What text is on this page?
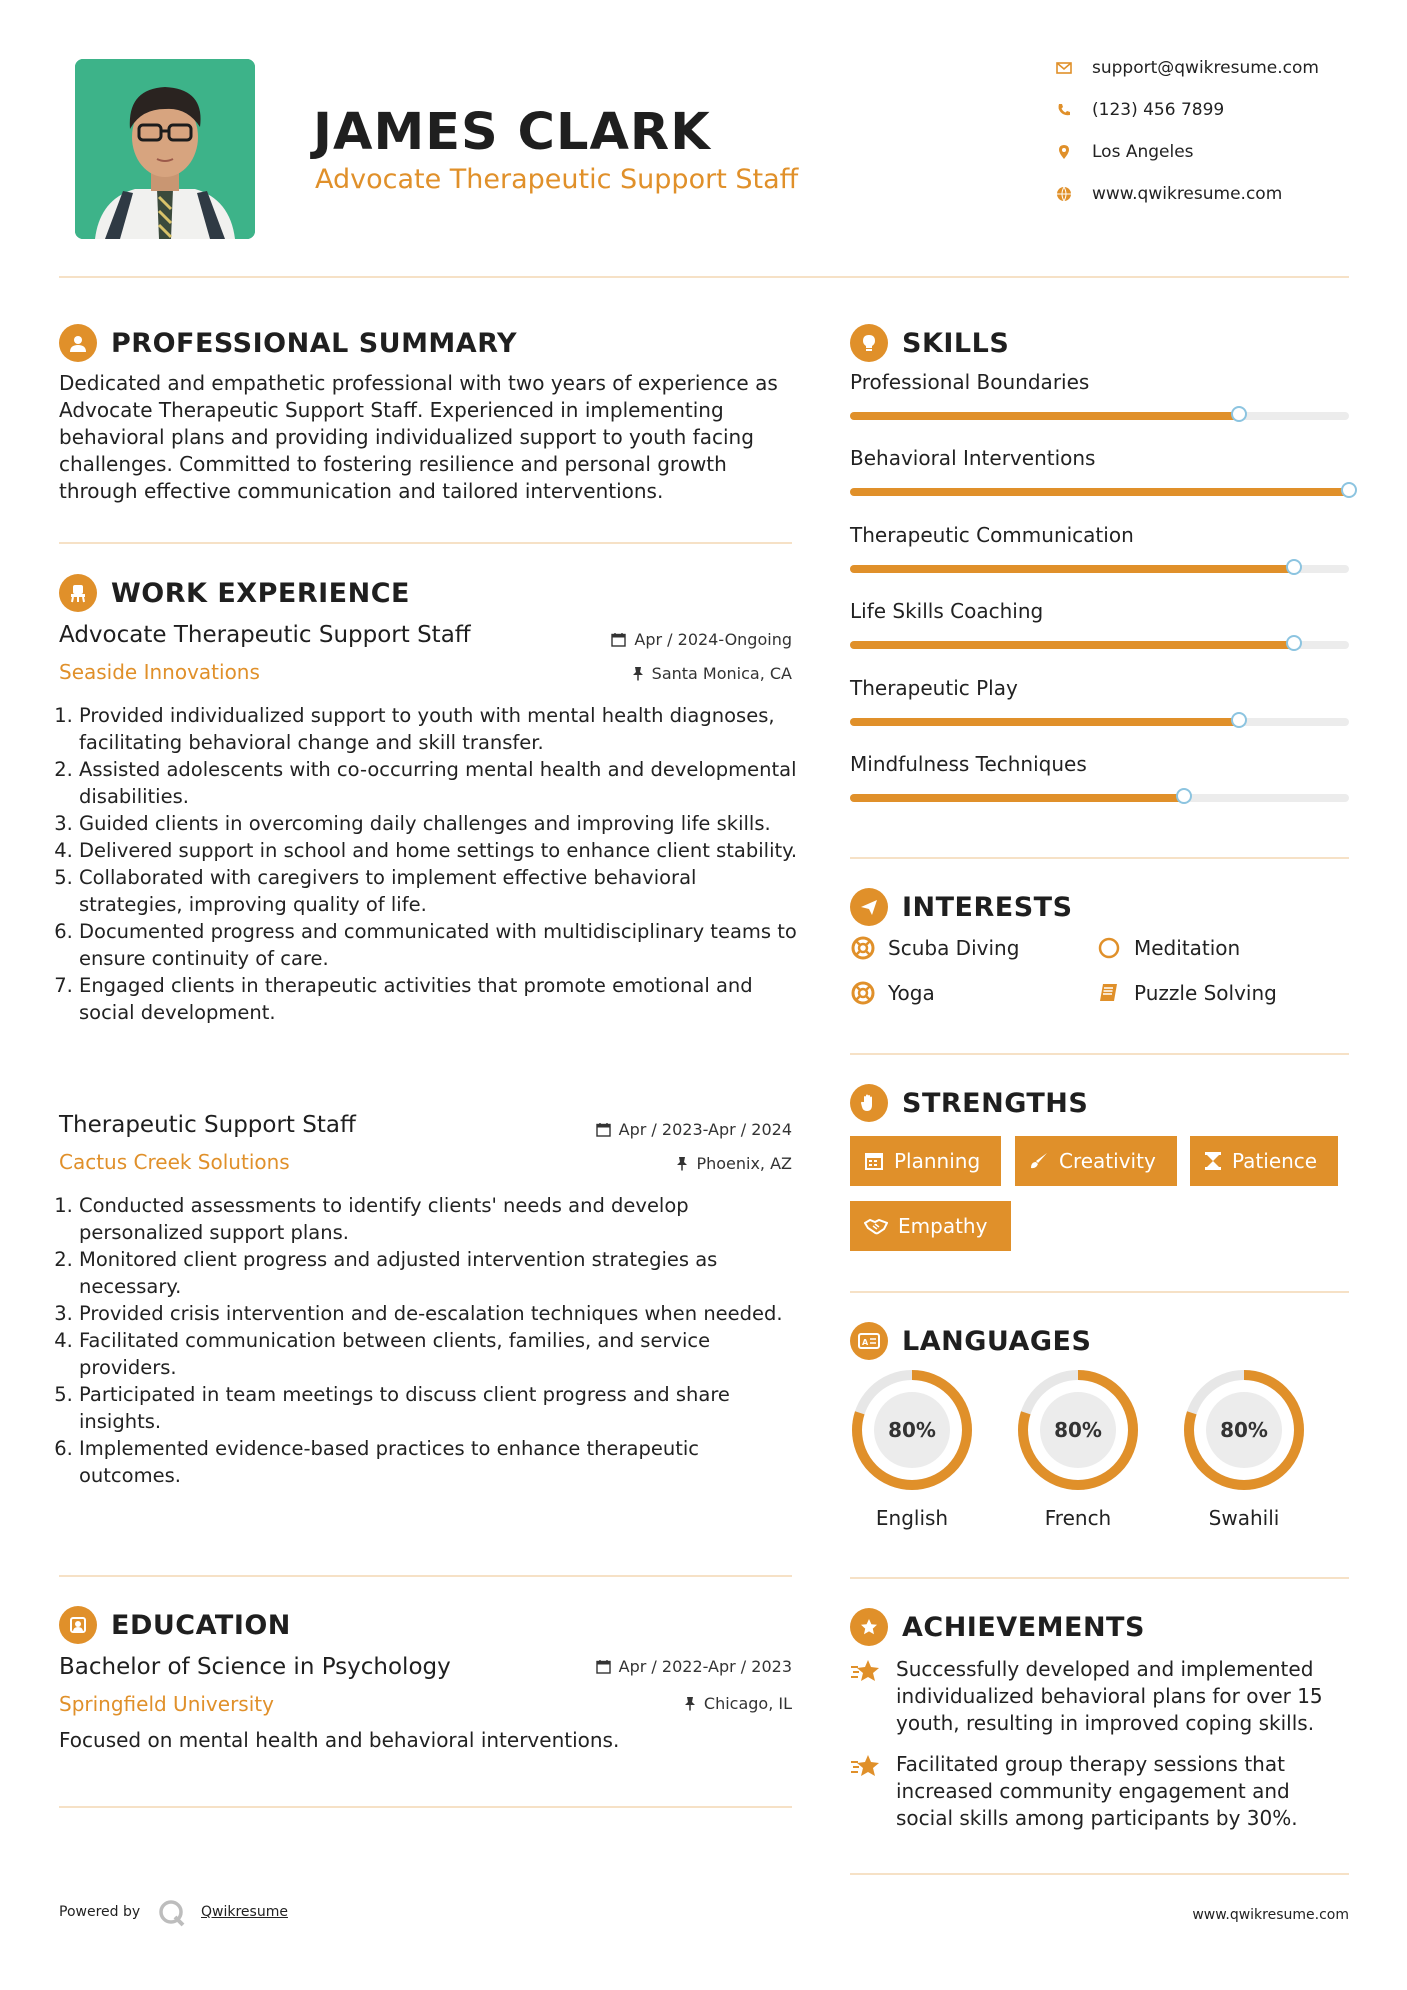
JAMES CLARK
Advocate Therapeutic Support Staff
support@qwikresume.com
(123) 456 7899
Los Angeles
www.qwikresume.com
PROFESSIONAL SUMMARY
Dedicated and empathetic professional with two years of experience as Advocate Therapeutic Support Staff. Experienced in implementing behavioral plans and providing individualized support to youth facing challenges. Committed to fostering resilience and personal growth through effective communication and tailored interventions.
WORK EXPERIENCE
Advocate Therapeutic Support Staff	Apr / 2024-Ongoing
Seaside Innovations	Santa Monica, CA
1. Provided individualized support to youth with mental health diagnoses, facilitating behavioral change and skill transfer.
2. Assisted adolescents with co-occurring mental health and developmental disabilities.
3. Guided clients in overcoming daily challenges and improving life skills.
4. Delivered support in school and home settings to enhance client stability.
5. Collaborated with caregivers to implement effective behavioral strategies, improving quality of life.
6. Documented progress and communicated with multidisciplinary teams to ensure continuity of care.
7. Engaged clients in therapeutic activities that promote emotional and social development.
Therapeutic Support Staff	Apr / 2023-Apr / 2024
Cactus Creek Solutions	Phoenix, AZ
1. Conducted assessments to identify clients' needs and develop personalized support plans.
2. Monitored client progress and adjusted intervention strategies as necessary.
3. Provided crisis intervention and de-escalation techniques when needed.
4. Facilitated communication between clients, families, and service providers.
5. Participated in team meetings to discuss client progress and share insights.
6. Implemented evidence-based practices to enhance therapeutic outcomes.
EDUCATION
Bachelor of Science in Psychology	Apr / 2022-Apr / 2023
Springfield University	Chicago, IL
Focused on mental health and behavioral interventions.
SKILLS
Professional Boundaries
Behavioral Interventions
Therapeutic Communication
Life Skills Coaching
Therapeutic Play
Mindfulness Techniques
INTERESTS
Scuba Diving	Meditation
Yoga	Puzzle Solving
STRENGTHS
Planning	Creativity	Patience
Empathy
A LANGUAGES
80%
English
80%
French
80%
Swahili
ACHIEVEMENTS
Successfully developed and implemented individualized behavioral plans for over 15 youth, resulting in improved coping skills.
Facilitated group therapy sessions that increased community engagement and social skills among participants by 30%.
Powered by	Qwikresume	www.qwikresume.com
